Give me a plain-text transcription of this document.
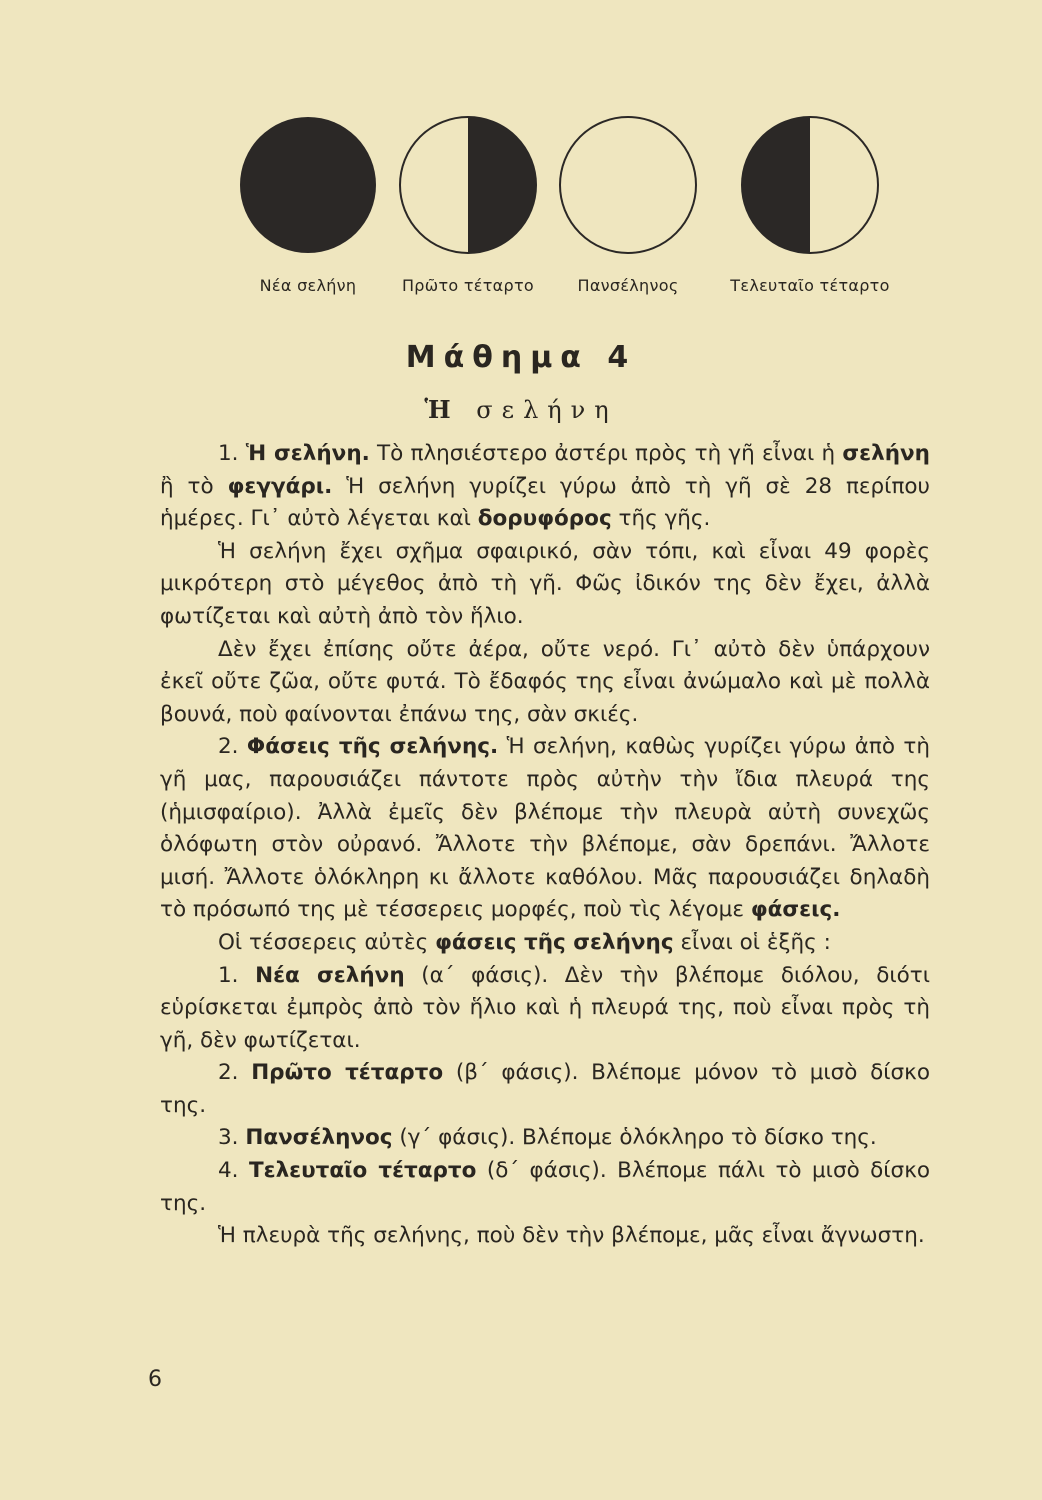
Νέα σελήνη	Πρῶτο τέταρτο	Πανσέληνος	Τελευταῖο τέταρτο
Μάθημα 4
Ἡ σελήνη

1. Ἡ σελήνη. Τὸ πλησιέστερο ἀστέρι πρὸς τὴ γῆ εἶναι ἡ σελήνη ἢ τὸ φεγγάρι. Ἡ σελήνη γυρίζει γύρω ἀπὸ τὴ γῆ σὲ 28 περίπου ἡμέρες. Γι᾽ αὐτὸ λέγεται καὶ δορυφόρος τῆς γῆς.

Ἡ σελήνη ἔχει σχῆμα σφαιρικό, σὰν τόπι, καὶ εἶναι 49 φορὲς μικρότερη στὸ μέγεθος ἀπὸ τὴ γῆ. Φῶς ἰδικόν της δὲν ἔχει, ἀλλὰ φωτίζεται καὶ αὐτὴ ἀπὸ τὸν ἥλιο.

Δὲν ἔχει ἐπίσης οὔτε ἀέρα, οὔτε νερό. Γι᾽ αὐτὸ δὲν ὑπάρχουν ἐκεῖ οὔτε ζῶα, οὔτε φυτά. Τὸ ἔδαφός της εἶναι ἀνώμαλο καὶ μὲ πολλὰ βουνά, ποὺ φαίνονται ἐπάνω της, σὰν σκιές.

2. Φάσεις τῆς σελήνης. Ἡ σελήνη, καθὼς γυρίζει γύρω ἀπὸ τὴ γῆ μας, παρουσιάζει πάντοτε πρὸς αὐτὴν τὴν ἴδια πλευρά της (ἡμισφαίριο). Ἀλλὰ ἐμεῖς δὲν βλέπομε τὴν πλευρὰ αὐτὴ συνεχῶς ὁλόφωτη στὸν οὐρανό. Ἄλλοτε τὴν βλέπομε, σὰν δρεπάνι. Ἄλλοτε μισή. Ἄλλοτε ὁλόκληρη κι ἄλλοτε καθόλου. Μᾶς παρουσιάζει δηλαδὴ τὸ πρόσωπό της μὲ τέσσερεις μορφές, ποὺ τὶς λέγομε φάσεις.

Οἱ τέσσερεις αὐτὲς φάσεις τῆς σελήνης εἶναι οἱ ἑξῆς :

1. Νέα σελήνη (α΄ φάσις). Δὲν τὴν βλέπομε διόλου, διότι εὑρίσκεται ἐμπρὸς ἀπὸ τὸν ἥλιο καὶ ἡ πλευρά της, ποὺ εἶναι πρὸς τὴ γῆ, δὲν φωτίζεται.

2. Πρῶτο τέταρτο (β΄ φάσις). Βλέπομε μόνον τὸ μισὸ δίσκο της.

3. Πανσέληνος (γ΄ φάσις). Βλέπομε ὁλόκληρο τὸ δίσκο της.

4. Τελευταῖο τέταρτο (δ΄ φάσις). Βλέπομε πάλι τὸ μισὸ δίσκο της.

Ἡ πλευρὰ τῆς σελήνης, ποὺ δὲν τὴν βλέπομε, μᾶς εἶναι ἄγνωστη.

6
